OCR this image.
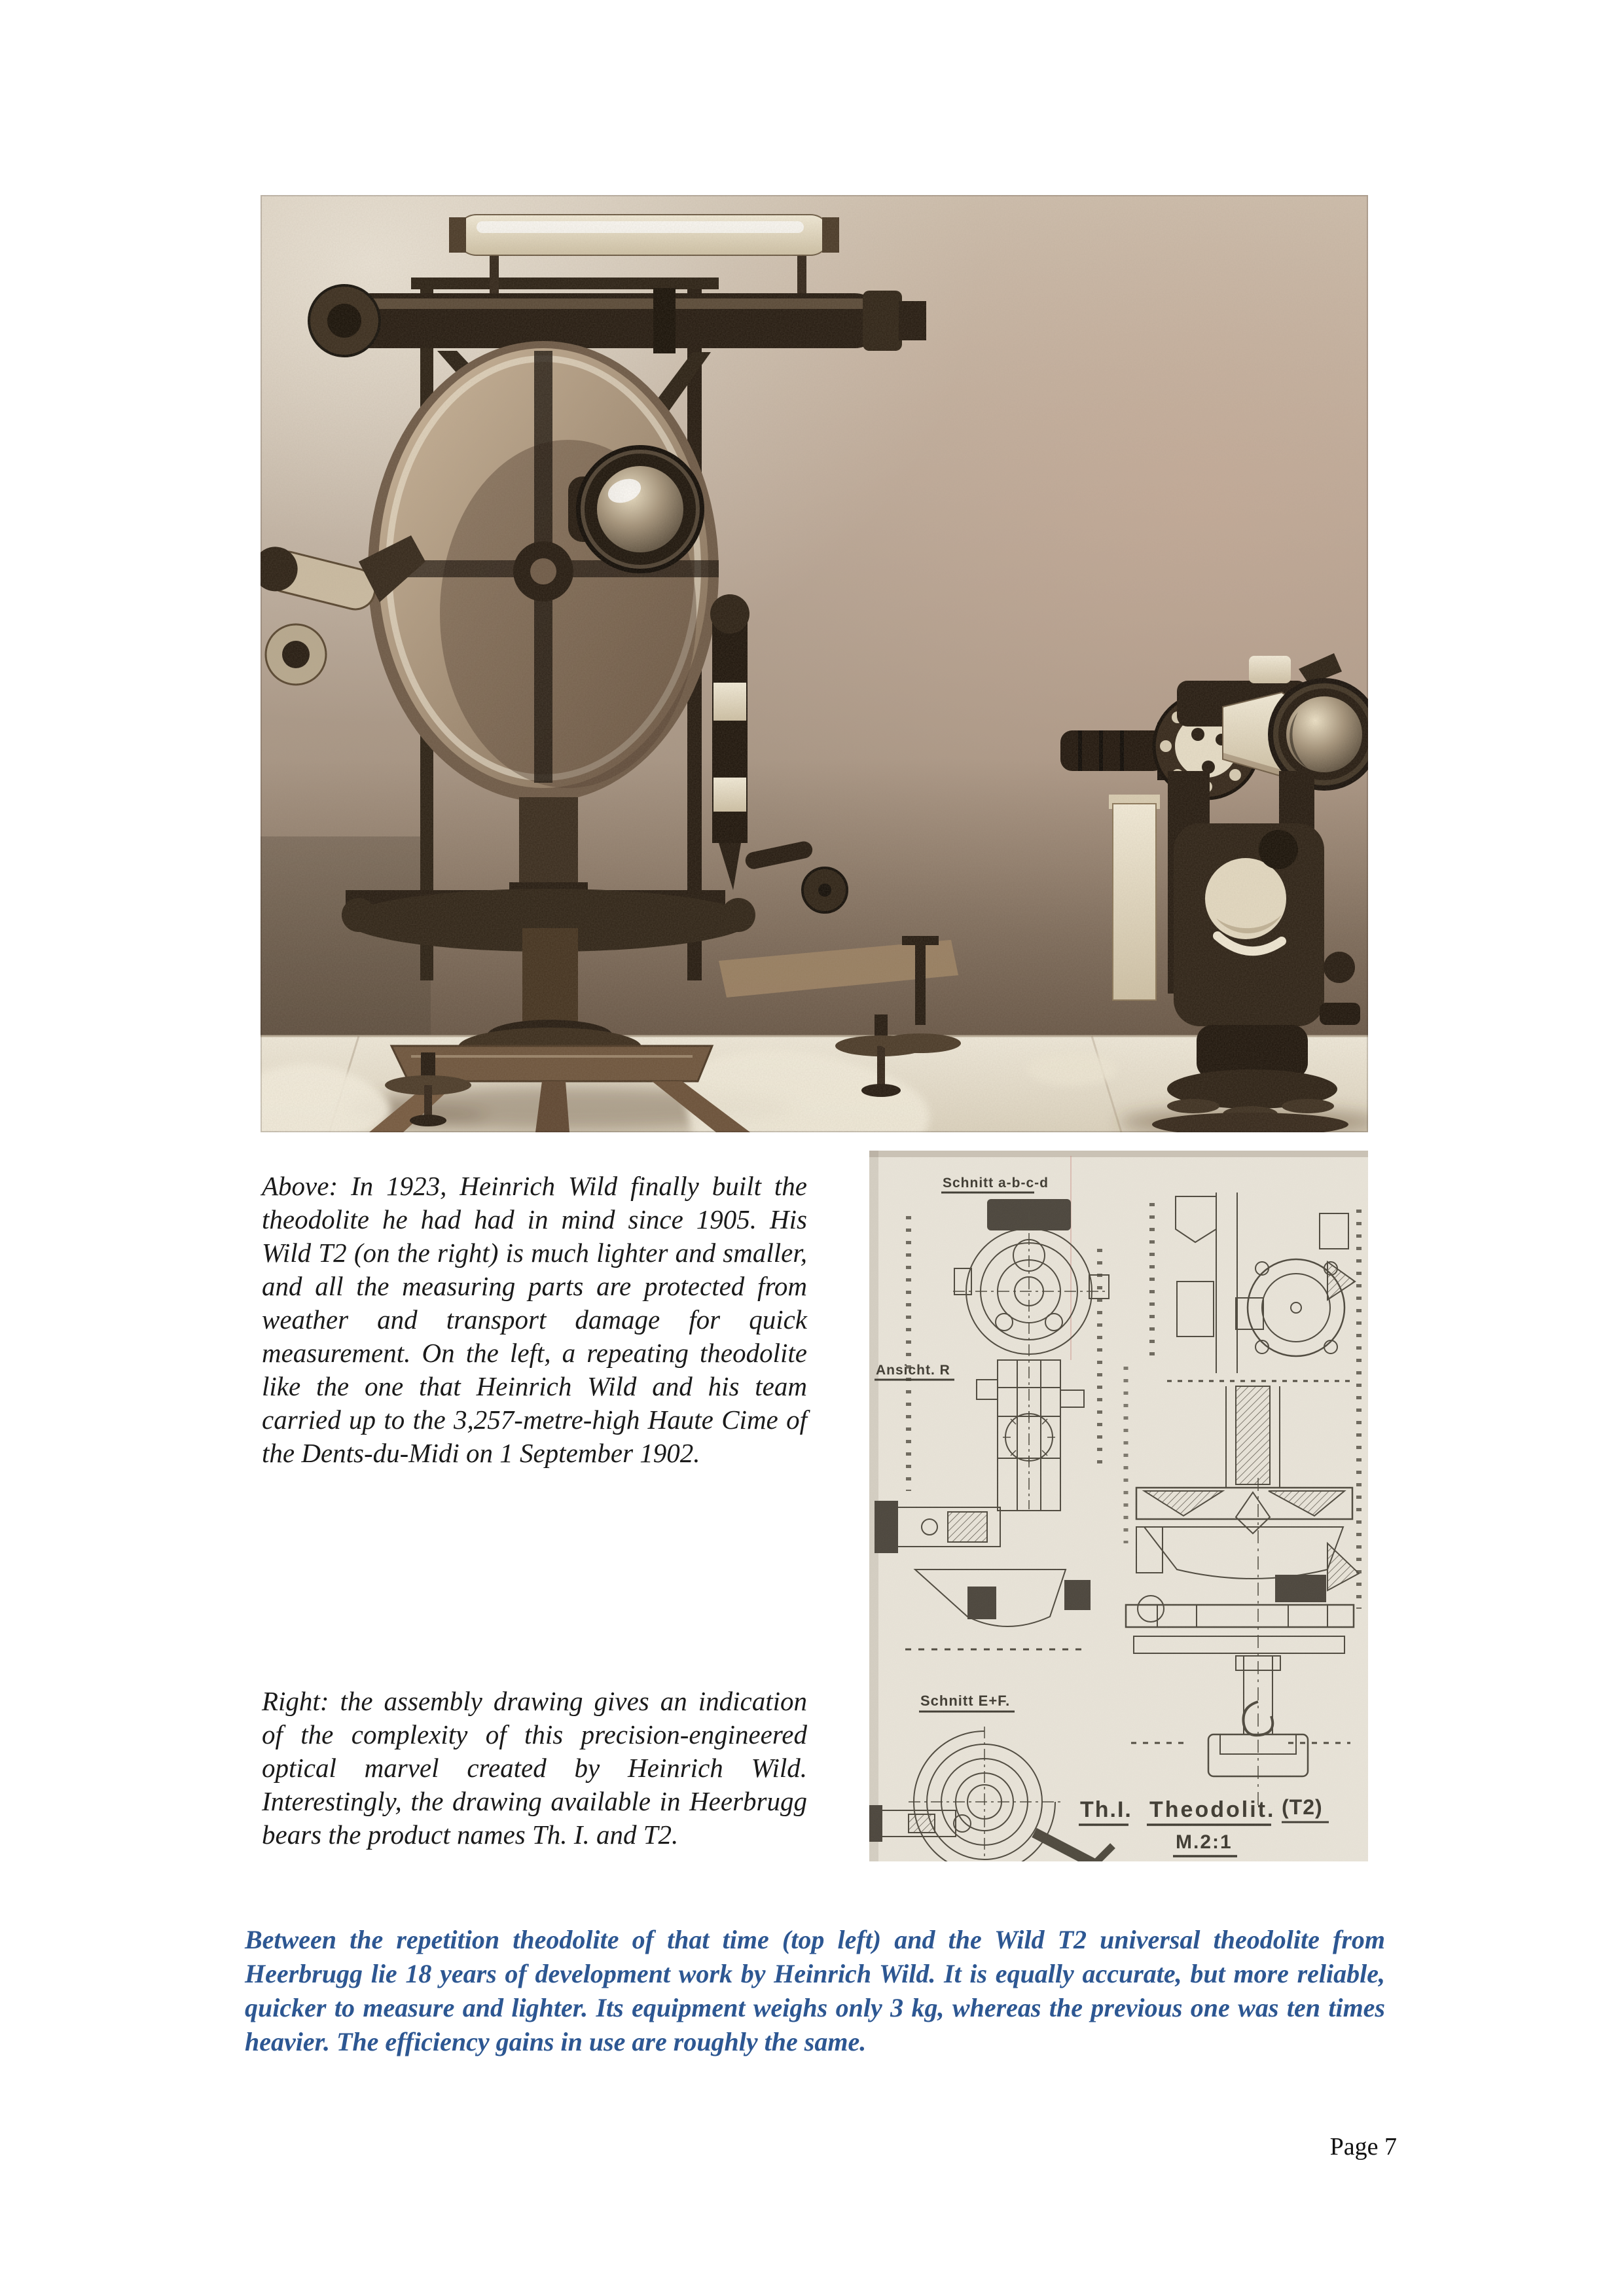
Above: In 1923, Heinrich Wild finally built the theodolite he had had in mind since 1905. His Wild T2 (on the right) is much lighter and smaller, and all the measuring parts are protected from weather and transport damage for quick measurement. On the left, a repeating theodolite like the one that Heinrich Wild and his team carried up to the 3,257-metre-high Haute Cime of the Dents-du-Midi on 1 September 1902.
Right: the assembly drawing gives an indication of the complexity of this precision-engineered optical marvel created by Heinrich Wild. Interestingly, the drawing available in Heerbrugg bears the product names Th. I. and T2.

Between the repetition theodolite of that time (top left) and the Wild T2 universal theodolite from Heerbrugg lie 18 years of development work by Heinrich Wild. It is equally accurate, but more reliable, quicker to measure and lighter. Its equipment weighs only 3 kg, whereas the previous one was ten times heavier. The efficiency gains in use are roughly the same.

Page 7
